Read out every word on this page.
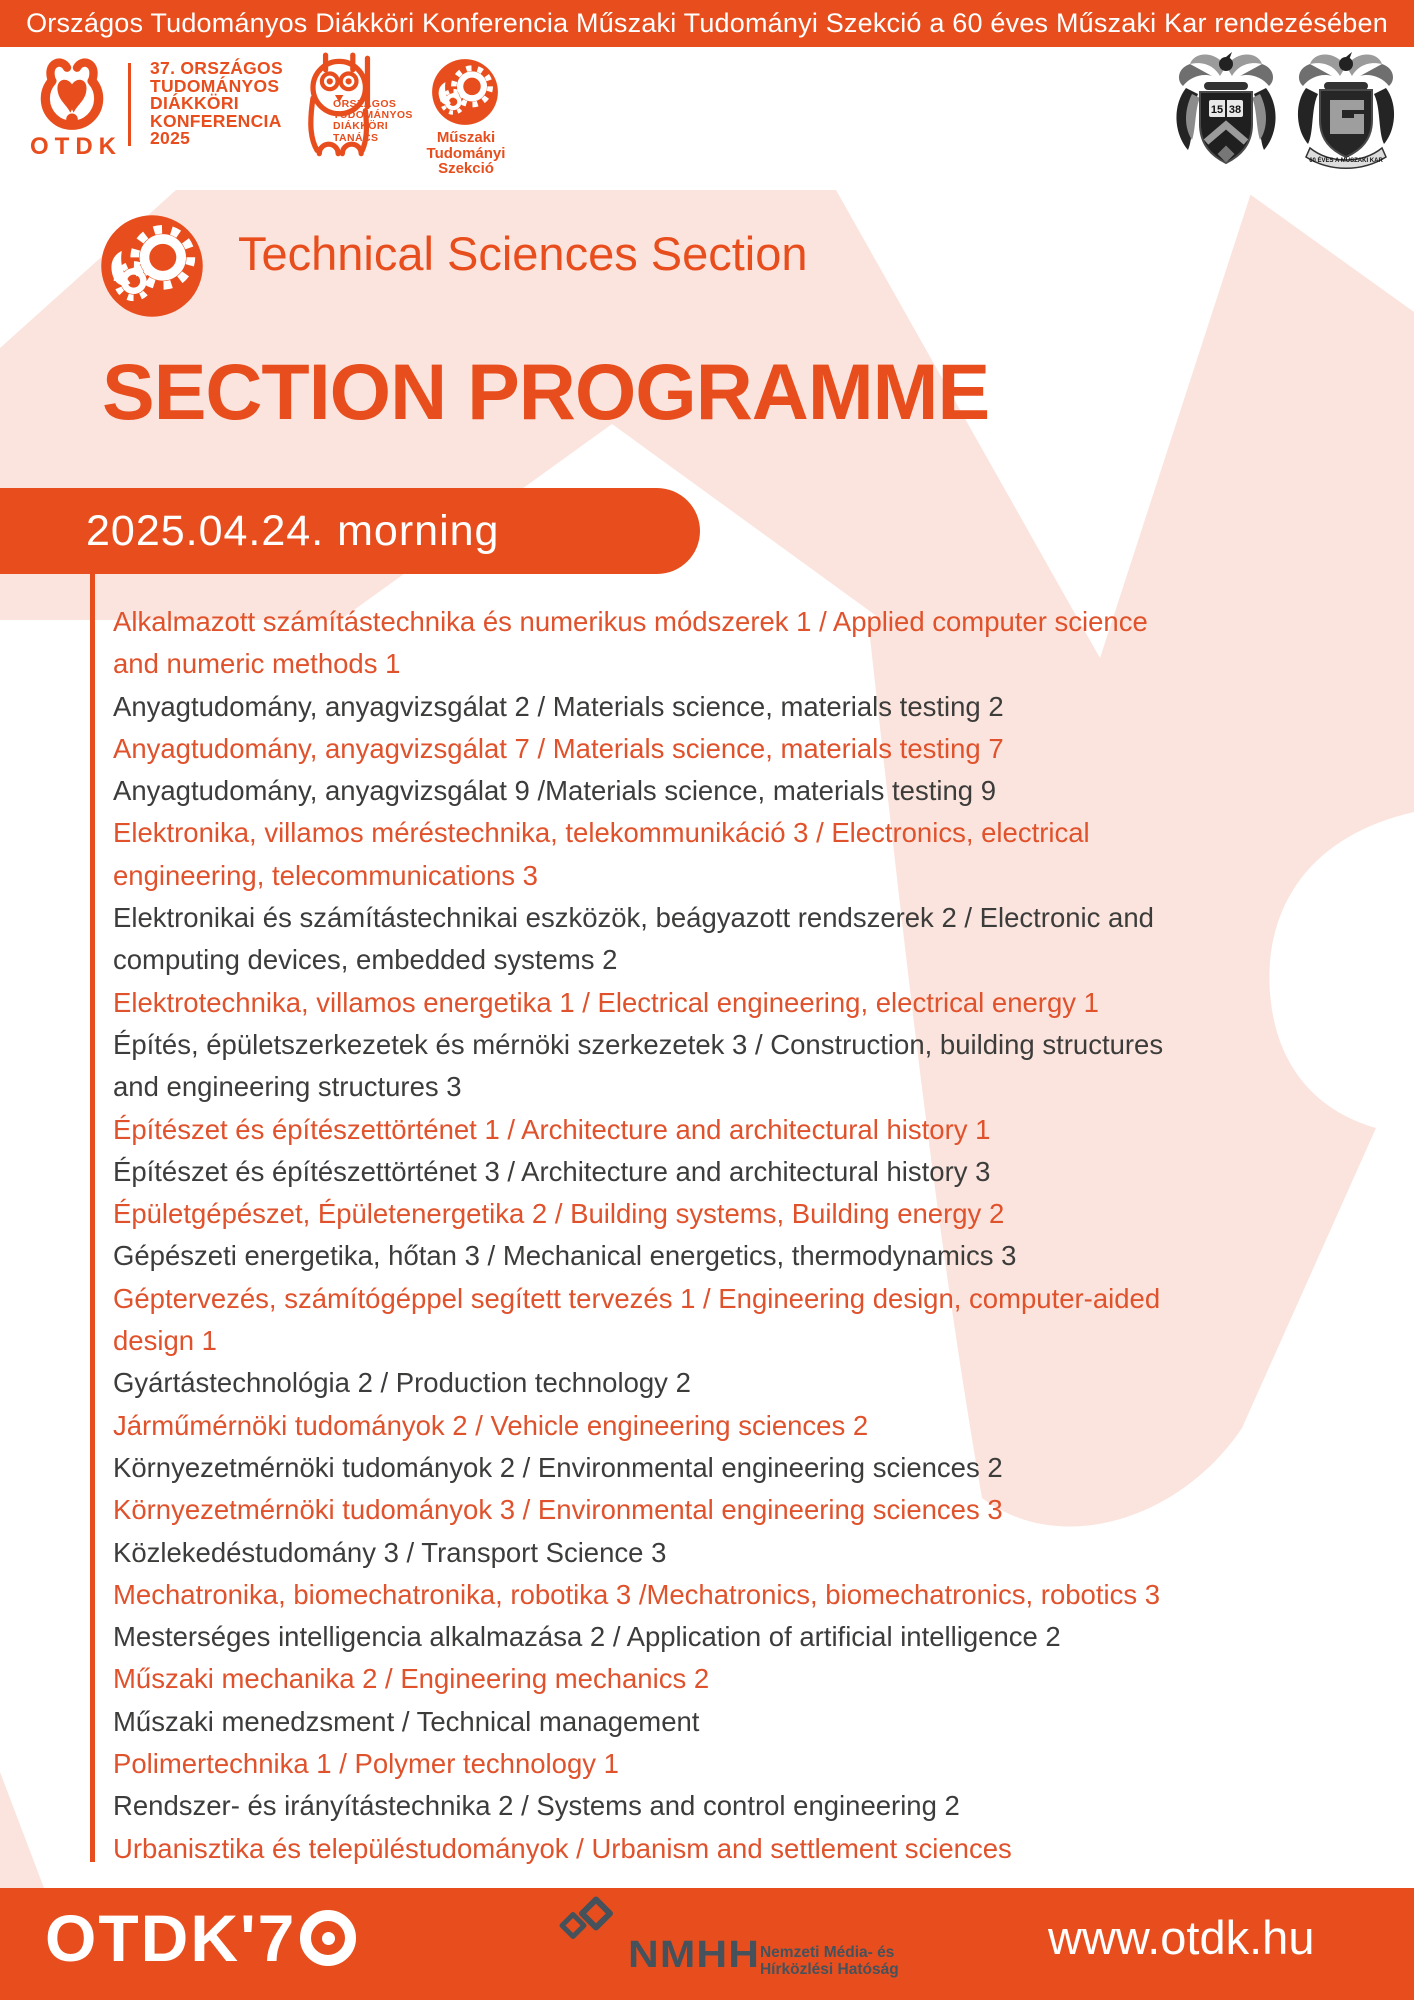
Országos Tudományos Diákköri Konferencia Műszaki Tudományi Szekció a 60 éves Műszaki Kar rendezésében
OTDK
37. ORSZÁGOS
TUDOMÁNYOS
DIÁKKÖRI
KONFERENCIA
2025
ORSZÁGOS
TUDOMÁNYOS
DIÁKKÖRI
TANÁCS	Műszaki Tudományi
Szekció
15 38
60 ÉVES A MŰSZAKI KAR
Technical Sciences Section
SECTION PROGRAMME
2025.04.24. morning
Alkalmazott számítástechnika és numerikus módszerek 1 / Applied computer science
and numeric methods 1
Anyagtudomány, anyagvizsgálat 2 / Materials science, materials testing 2
Anyagtudomány, anyagvizsgálat 7 / Materials science, materials testing 7
Anyagtudomány, anyagvizsgálat 9 /Materials science, materials testing 9
Elektronika, villamos méréstechnika, telekommunikáció 3 / Electronics, electrical
engineering, telecommunications 3
Elektronikai és számítástechnikai eszközök, beágyazott rendszerek 2 / Electronic and
computing devices, embedded systems 2
Elektrotechnika, villamos energetika 1 / Electrical engineering, electrical energy 1
Építés, épületszerkezetek és mérnöki szerkezetek 3 / Construction, building structures
and engineering structures 3
Építészet és építészettörténet 1 / Architecture and architectural history 1
Építészet és építészettörténet 3 / Architecture and architectural history 3
Épületgépészet, Épületenergetika 2 / Building systems, Building energy 2
Gépészeti energetika, hőtan 3 / Mechanical energetics, thermodynamics 3
Géptervezés, számítógéppel segített tervezés 1 / Engineering design, computer-aided
design 1
Gyártástechnológia 2 / Production technology 2
Járműmérnöki tudományok 2 / Vehicle engineering sciences 2
Környezetmérnöki tudományok 2 / Environmental engineering sciences 2
Környezetmérnöki tudományok 3 / Environmental engineering sciences 3
Közlekedéstudomány 3 / Transport Science 3
Mechatronika, biomechatronika, robotika 3 /Mechatronics, biomechatronics, robotics 3
Mesterséges intelligencia alkalmazása 2 / Application of artificial intelligence 2
Műszaki mechanika 2 / Engineering mechanics 2
Műszaki menedzsment / Technical management
Polimertechnika 1 / Polymer technology 1
Rendszer- és irányítástechnika 2 / Systems and control engineering 2
Urbanisztika és településtudományok / Urbanism and settlement sciences
OTDK'7	NMHH Nemzeti Média- és
Hírközlési Hatóság
www.otdk.hu
